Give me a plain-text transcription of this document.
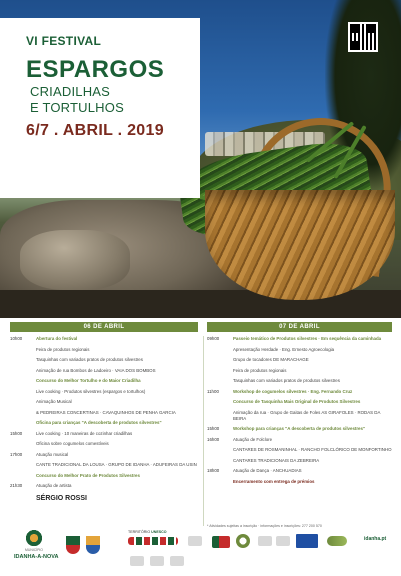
VI FESTIVAL
ESPARGOS
CRIADILHAS
E TORTULHOS
6/7 . ABRIL . 2019
ALCAFOZES
IDANHA-A-NOVA
06 DE ABRIL	07 DE ABRIL
10h00	Abertura do festival
Feira de produtos regionais
Tasquinhas com variados pratos de produtos silvestres
Animação de rua Bombos de Ladoeiro · VAIA DOS BOMBOS
Concurso do Melhor Tortulho e do Maior Criadilha
Live cooking · Produtos silvestres (espargos e tortulhos)
Animação Musical
& PEDREIRAS CONCERTINAS · CAVAQUINHOS DE PENHA GARCIA
Oficina para crianças "A descoberta de produtos silvestres"
15h00	Live cooking · 10 maneiras de cozinhar criadilhas
Oficina sobre cogumelos comestíveis
17h00	Atuação musical
CANTE TRADICIONAL DA LOUSA · GRUPO DE IDANHA · ADUFEIRAS DA USIN
Concurso do Melhor Prato de Produtos Silvestres
21h30	Atuação de artista
SÉRGIO ROSSI
09h00	Passeio temático de Produtos silvestres · Em sequência da caminhada
Apresentação Herdade · Eng. Ernesto Agroecologia
Grupo de tocadores DE MARACHAGE
Feira de produtos regionais
Tasquinhas com variados pratos de produtos silvestres
11h00	Workshop de cogumelos silvestres · Eng. Fernando Cruz
Concurso de Tasquinha Mais Original de Produtos Silvestres
Animação da rua · Grupo de Gaitas de Foles AS GIRAFOLES · RODAS DA BEIRA
15h00	Workshop para crianças "A descoberta de produtos silvestres"
16h00	Atuação de Folclore
CANTARES DE ROSMANINHAL · RANCHO FOLCLÓRICO DE MONFORTINHO
CANTARES TRADICIONAIS DA ZEBREIRA
18h00	Atuação de Dança · ANCHUADIAS
Encerramento com entrega de prémios
* Atividades sujeitas a inscrição · informações e inscrições: 277 200 570
MUNICÍPIO
IDANHA-A-NOVA
TERRITÓRIO UNESCO
idanha.pt
